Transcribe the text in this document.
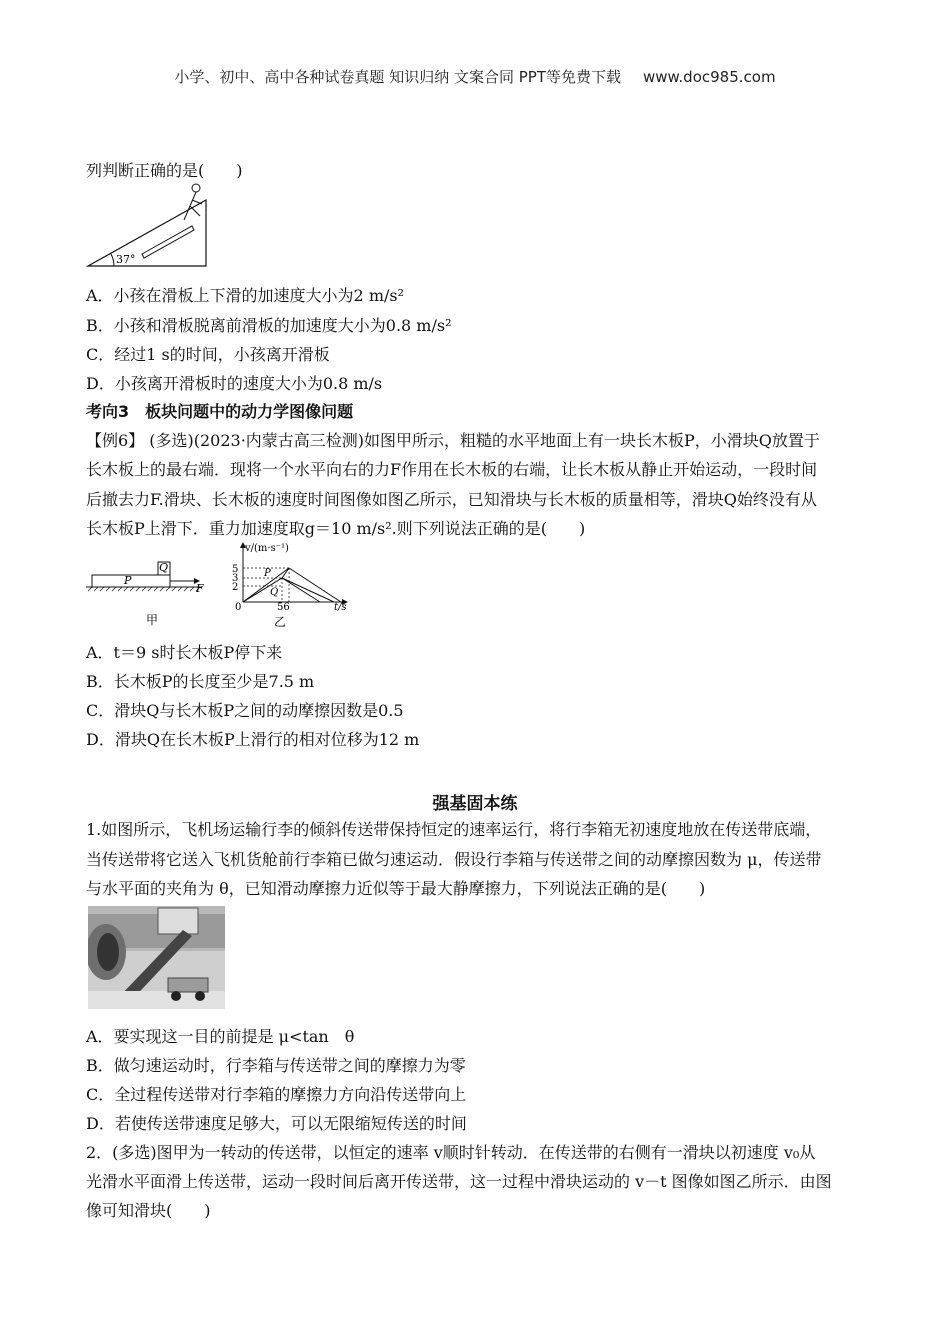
小学、初中、高中各种试卷真题 知识归纳 文案合同 PPT等免费下载 www.doc985.com
列判断正确的是(　　)
37°
A．小孩在滑板上下滑的加速度大小为2 m/s²
B．小孩和滑板脱离前滑板的加速度大小为0.8 m/s²
C．经过1 s的时间，小孩离开滑板
D．小孩离开滑板时的速度大小为0.8 m/s
考向3　板块问题中的动力学图像问题
【例6】 (多选)(2023·内蒙古高三检测)如图甲所示，粗糙的水平地面上有一块长木板P，小滑块Q放置于
长木板上的最右端．现将一个水平向右的力F作用在长木板的右端，让长木板从静止开始运动，一段时间
后撤去力F.滑块、长木板的速度时间图像如图乙所示，已知滑块与长木板的质量相等，滑块Q始终没有从
长木板P上滑下．重力加速度取g＝10 m/s².则下列说法正确的是(　　)
Q
P
F
甲
v/(m·s⁻¹)
5
3
2
0	56	t/s
P
Q
乙
A．t＝9 s时长木板P停下来
B．长木板P的长度至少是7.5 m
C．滑块Q与长木板P之间的动摩擦因数是0.5
D．滑块Q在长木板P上滑行的相对位移为12 m
强基固本练
1.如图所示，飞机场运输行李的倾斜传送带保持恒定的速率运行，将行李箱无初速度地放在传送带底端，
当传送带将它送入飞机货舱前行李箱已做匀速运动．假设行李箱与传送带之间的动摩擦因数为 μ，传送带
与水平面的夹角为 θ，已知滑动摩擦力近似等于最大静摩擦力，下列说法正确的是(　　)
A．要实现这一目的前提是 μ<tan　θ
B．做匀速运动时，行李箱与传送带之间的摩擦力为零
C．全过程传送带对行李箱的摩擦力方向沿传送带向上
D．若使传送带速度足够大，可以无限缩短传送的时间
2．(多选)图甲为一转动的传送带，以恒定的速率 v顺时针转动．在传送带的右侧有一滑块以初速度 v₀从
光滑水平面滑上传送带，运动一段时间后离开传送带，这一过程中滑块运动的 v－t 图像如图乙所示．由图
像可知滑块(　　)
